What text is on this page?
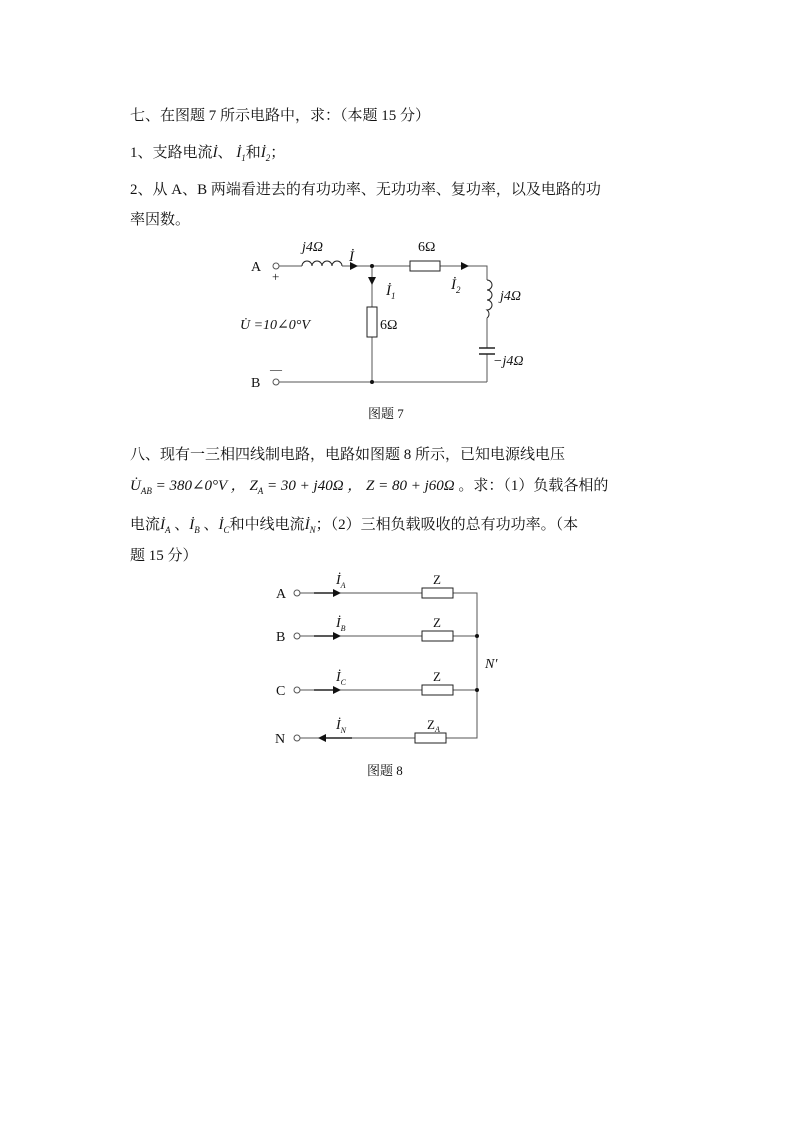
七、在图题 7 所示电路中，求：（本题 15 分）
1、支路电流İ、 $İ_1$和$İ_2$；
2、从 A、B 两端看进去的有功功率、无功功率、复功率，以及电路的功
率因数。
八、现有一三相四线制电路，电路如图题 8 所示，已知电源线电压
$U̇_{AB}$ = 380∠0°V ， $Z_A = 30 + j40\Omega$ ， Z = 80 + j60Ω 。求：（1）负载各相的
电流$İ_A$ 、$İ_B$ 、$İ_C$和中线电流$İ_N$；（2）三相负载吸收的总有功功率。（本
题 15 分）
A
+
B
—
j4Ω
İ
6Ω
$İ_1$
$İ_2$	j4Ω
6Ω
−j4Ω
U̇ =10∠0°V
图题 7
A
B
C
N
$İ_A$
$İ_B$
$İ_C$
$İ_N$
Z
Z
Z
$Z_A$
N′
图题 8
